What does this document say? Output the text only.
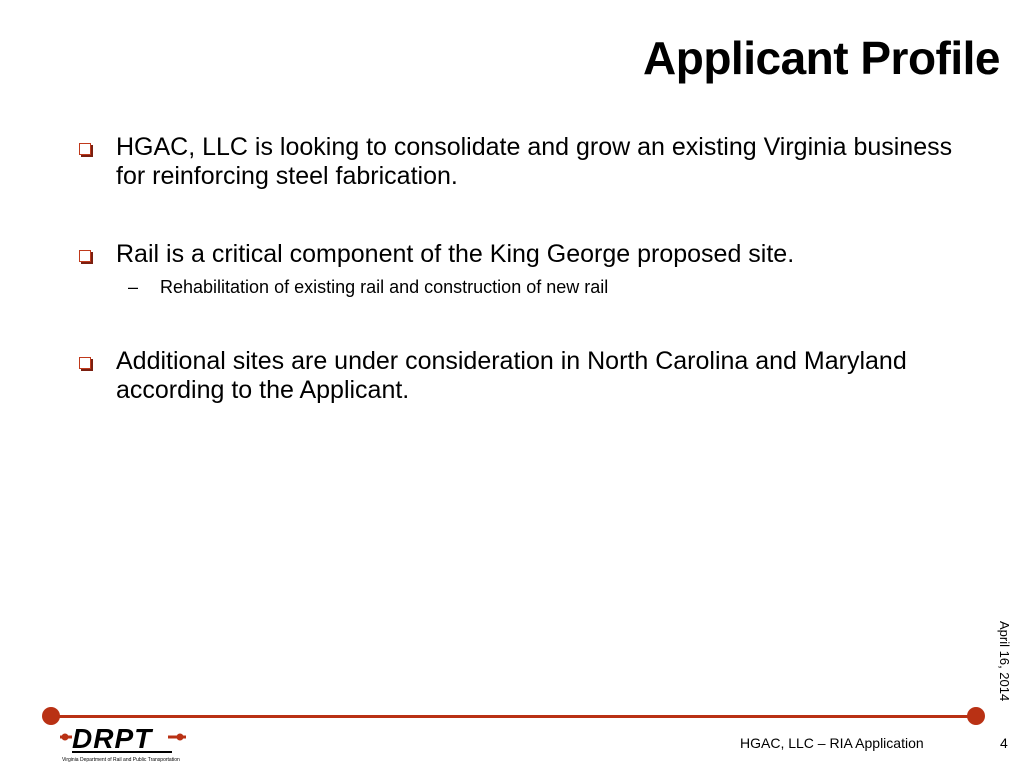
Applicant Profile
HGAC, LLC is looking to consolidate and grow an existing Virginia business for reinforcing steel fabrication.
Rail is a critical component of the King George proposed site.
– Rehabilitation of existing rail and construction of new rail
Additional sites are under consideration in North Carolina and Maryland according to the Applicant.
April 16, 2014
DRPT
Virginia Department of Rail and Public Transportation
HGAC, LLC – RIA Application	4
